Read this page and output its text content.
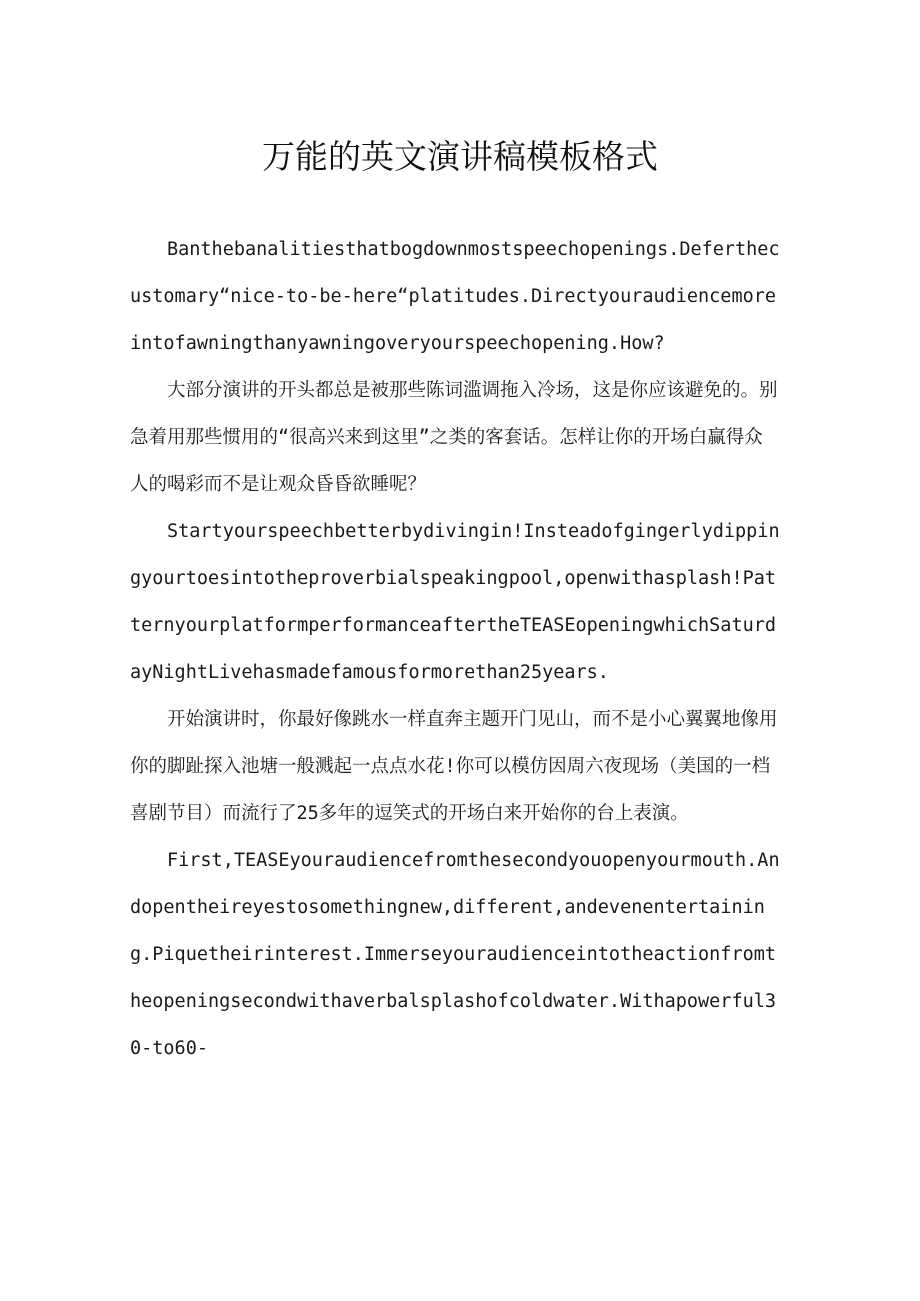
万能的英文演讲稿模板格式

Banthebanalitiesthatbogdownmostspeechopenings.Deferthecustomary“nice-to-be-here“platitudes.Directyouraudiencemoreintofawningthanyawningoveryourspeechopening.How?

大部分演讲的开头都总是被那些陈词滥调拖入冷场，这是你应该避免的。别急着用那些惯用的“很高兴来到这里”之类的客套话。怎样让你的开场白赢得众人的喝彩而不是让观众昏昏欲睡呢？

Startyourspeechbetterbydivingin!Insteadofgingerlydippingyourtoesintotheproverbialspeakingpool,openwithasplash!PatternyourplatformperformanceaftertheTEASEopeningwhichSaturdayNightLivehasmadefamousformorethan25years.

开始演讲时，你最好像跳水一样直奔主题开门见山，而不是小心翼翼地像用你的脚趾探入池塘一般溅起一点点水花!你可以模仿因周六夜现场（美国的一档喜剧节目）而流行了25多年的逗笑式的开场白来开始你的台上表演。

First,TEASEyouraudiencefromthesecondyouopenyourmouth.Andopentheireyestosomethingnew,different,andevenentertaining.Piquetheirinterest.Immerseyouraudienceintotheactionfromtheopeningsecondwithaverbalsplashofcoldwater.Withapowerful30-to60-
